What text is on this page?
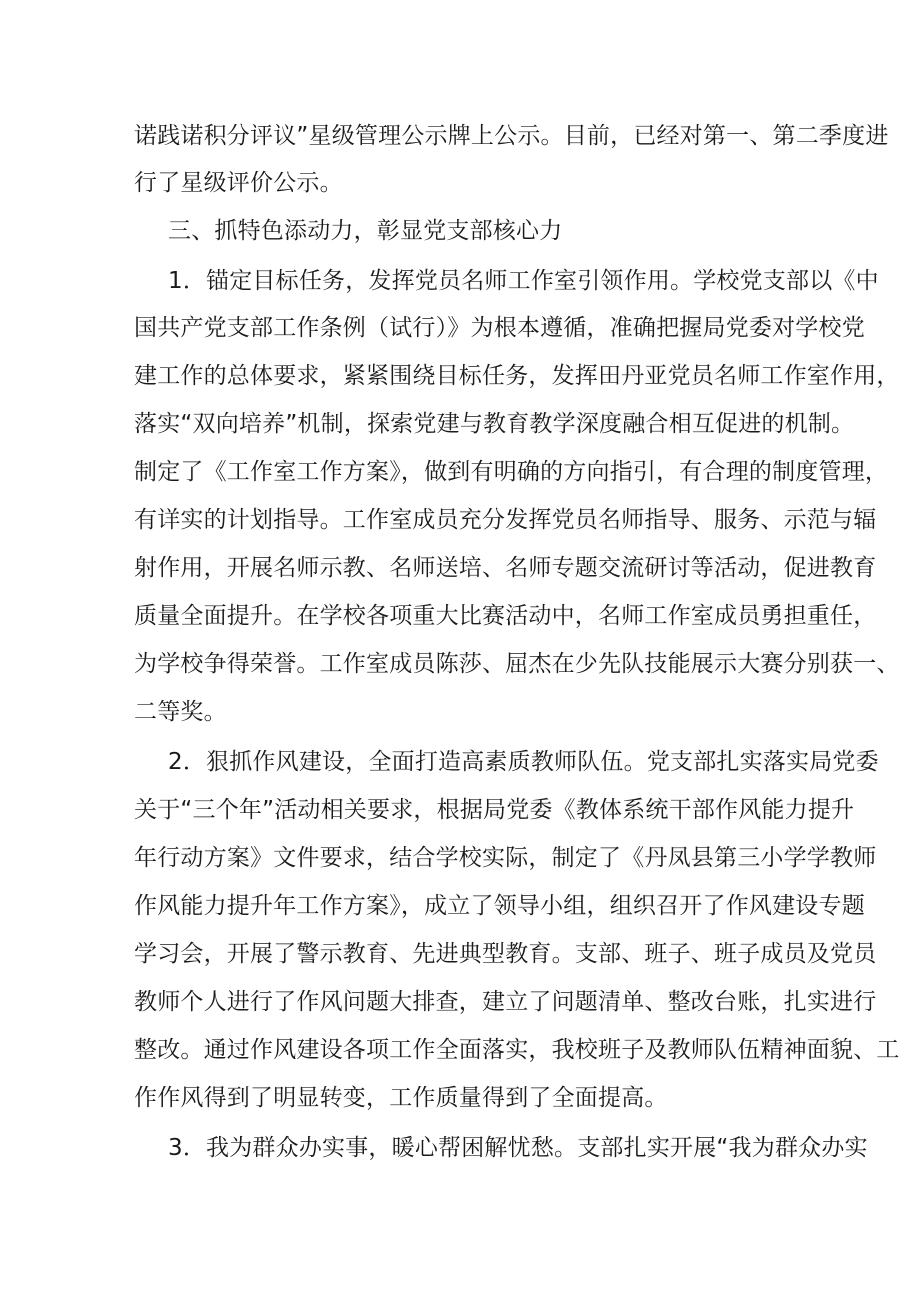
诺践诺积分评议”星级管理公示牌上公示。目前，已经对第一、第二季度进
行了星级评价公示。
三、抓特色添动力，彰显党支部核心力
1．锚定目标任务，发挥党员名师工作室引领作用。学校党支部以《中
国共产党支部工作条例（试行）》为根本遵循，准确把握局党委对学校党
建工作的总体要求，紧紧围绕目标任务，发挥田丹亚党员名师工作室作用，
落实“双向培养”机制，探索党建与教育教学深度融合相互促进的机制。
制定了《工作室工作方案》，做到有明确的方向指引，有合理的制度管理，
有详实的计划指导。工作室成员充分发挥党员名师指导、服务、示范与辐
射作用，开展名师示教、名师送培、名师专题交流研讨等活动，促进教育
质量全面提升。在学校各项重大比赛活动中，名师工作室成员勇担重任，
为学校争得荣誉。工作室成员陈莎、屈杰在少先队技能展示大赛分别获一、
二等奖。
2．狠抓作风建设，全面打造高素质教师队伍。党支部扎实落实局党委
关于“三个年”活动相关要求，根据局党委《教体系统干部作风能力提升
年行动方案》文件要求，结合学校实际，制定了《丹凤县第三小学学教师
作风能力提升年工作方案》，成立了领导小组，组织召开了作风建设专题
学习会，开展了警示教育、先进典型教育。支部、班子、班子成员及党员
教师个人进行了作风问题大排查，建立了问题清单、整改台账，扎实进行
整改。通过作风建设各项工作全面落实，我校班子及教师队伍精神面貌、工
作作风得到了明显转变，工作质量得到了全面提高。
3．我为群众办实事，暖心帮困解忧愁。支部扎实开展“我为群众办实
